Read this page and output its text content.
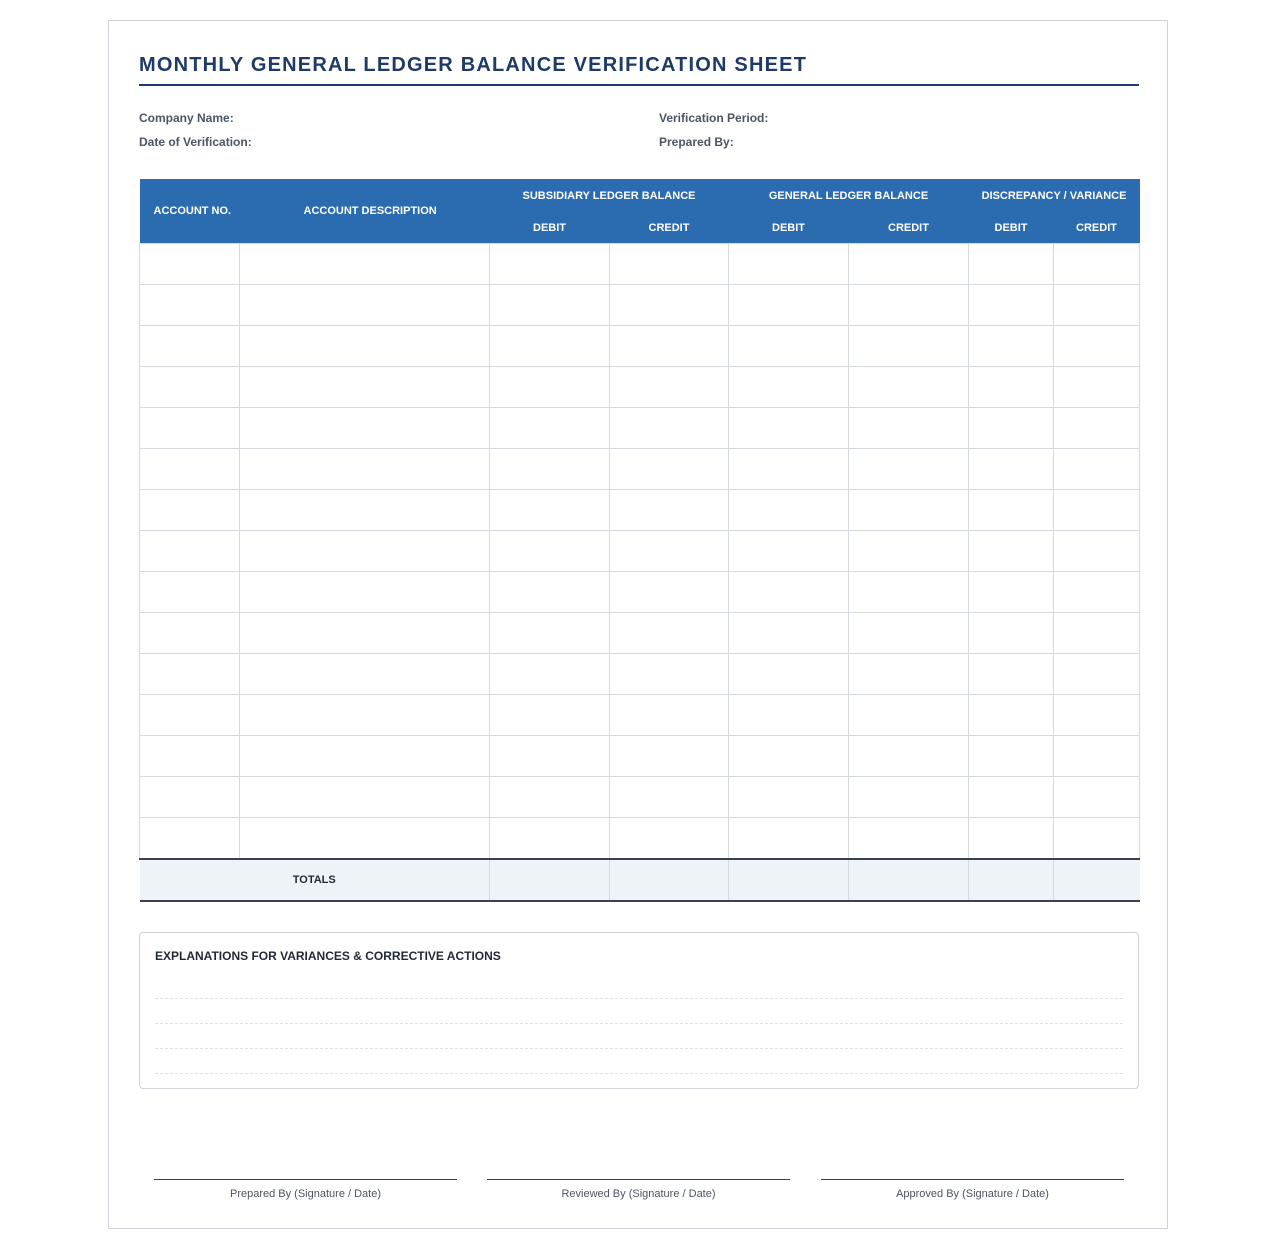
MONTHLY GENERAL LEDGER BALANCE VERIFICATION SHEET
Company Name:
Date of Verification:
Verification Period:
Prepared By:
ACCOUNT NO.	ACCOUNT DESCRIPTION	SUBSIDIARY LEDGER BALANCE		GENERAL LEDGER BALANCE		DISCREPANCY / VARIANCE	
		DEBIT	CREDIT	DEBIT	CREDIT	DEBIT	CREDIT

TOTALS							
EXPLANATIONS FOR VARIANCES & CORRECTIVE ACTIONS
Prepared By (Signature / Date)	Reviewed By (Signature / Date)	Approved By (Signature / Date)
